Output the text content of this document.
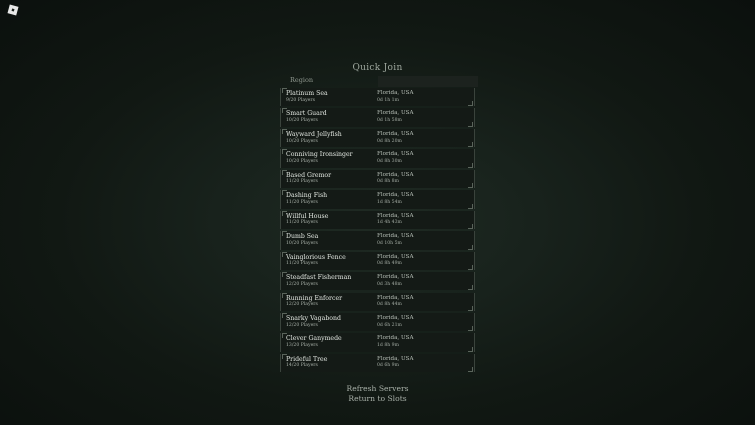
Quick Join
Region
Platinum Sea
9/20 Players
Florida, USA
0d 1h 1m
Smart Guard
10/20 Players
Florida, USA
0d 1h 58m
Wayward Jellyfish
10/20 Players
Florida, USA
0d 8h 20m
Conniving Ironsinger
10/20 Players
Florida, USA
0d 8h 30m
Based Gremor
11/20 Players
Florida, USA
0d 8h 8m
Dashing Fish
11/20 Players
Florida, USA
1d 8h 54m
Willful House
11/20 Players
Florida, USA
1d 4h 43m
Dumb Sea
10/20 Players
Florida, USA
0d 10h 5m
Vainglorious Fence
11/20 Players
Florida, USA
0d 8h 49m
Steadfast Fisherman
12/20 Players
Florida, USA
0d 3h 48m
Running Enforcer
12/20 Players
Florida, USA
0d 8h 44m
Snarky Vagabond
12/20 Players
Florida, USA
0d 6h 21m
Clever Ganymede
13/20 Players
Florida, USA
1d 8h 9m
Prideful Tree
14/20 Players
Florida, USA
0d 6h 9m
Refresh Servers
Return to Slots
